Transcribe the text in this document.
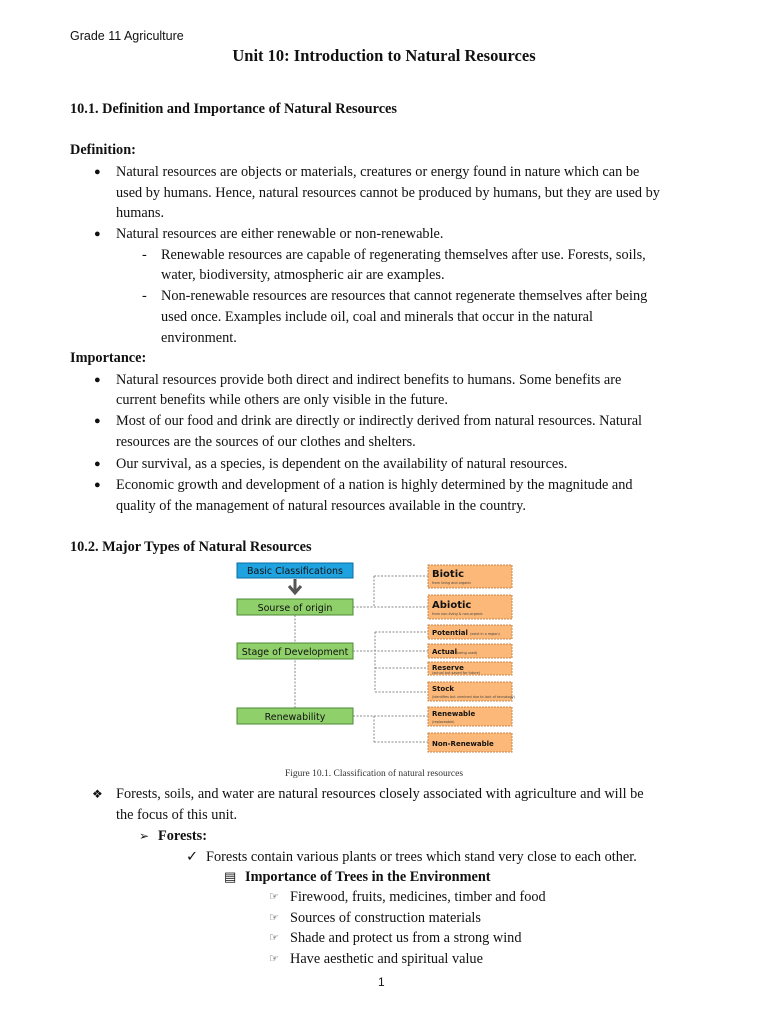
Grade 11 Agriculture
Unit 10: Introduction to Natural Resources
10.1. Definition and Importance of Natural Resources
Definition:
● Natural resources are objects or materials, creatures or energy found in nature which can be
used by humans. Hence, natural resources cannot be produced by humans, but they are used by
humans.
● Natural resources are either renewable or non-renewable.
- Renewable resources are capable of regenerating themselves after use. Forests, soils,
water, biodiversity, atmospheric air are examples.
- Non-renewable resources are resources that cannot regenerate themselves after being
used once. Examples include oil, coal and minerals that occur in the natural
environment.
Importance:
● Natural resources provide both direct and indirect benefits to humans. Some benefits are
current benefits while others are only visible in the future.
● Most of our food and drink are directly or indirectly derived from natural resources. Natural
resources are the sources of our clothes and shelters.
● Our survival, as a species, is dependent on the availability of natural resources.
● Economic growth and development of a nation is highly determined by the magnitude and
quality of the management of natural resources available in the country.
10.2. Major Types of Natural Resources
Basic Classifications
Sourse of origin
Stage of Development
Renewability
Biotic
Abiotic
Potential
Actual
Reserve
Stock
Renewable
Non-Renewable
from living and organic
from non-living & non-organic
(exist in a region)
(being used)
(actual but saved for future)
(identifies but unmined due to lack of tecnology)
(replaceable)
Figure 10.1. Classification of natural resources
❖ Forests, soils, and water are natural resources closely associated with agriculture and will be
the focus of this unit.
➢ Forests:
✓ Forests contain various plants or trees which stand very close to each other.
▤ Importance of Trees in the Environment
☞ Firewood, fruits, medicines, timber and food
☞ Sources of construction materials
☞ Shade and protect us from a strong wind
☞ Have aesthetic and spiritual value
1
